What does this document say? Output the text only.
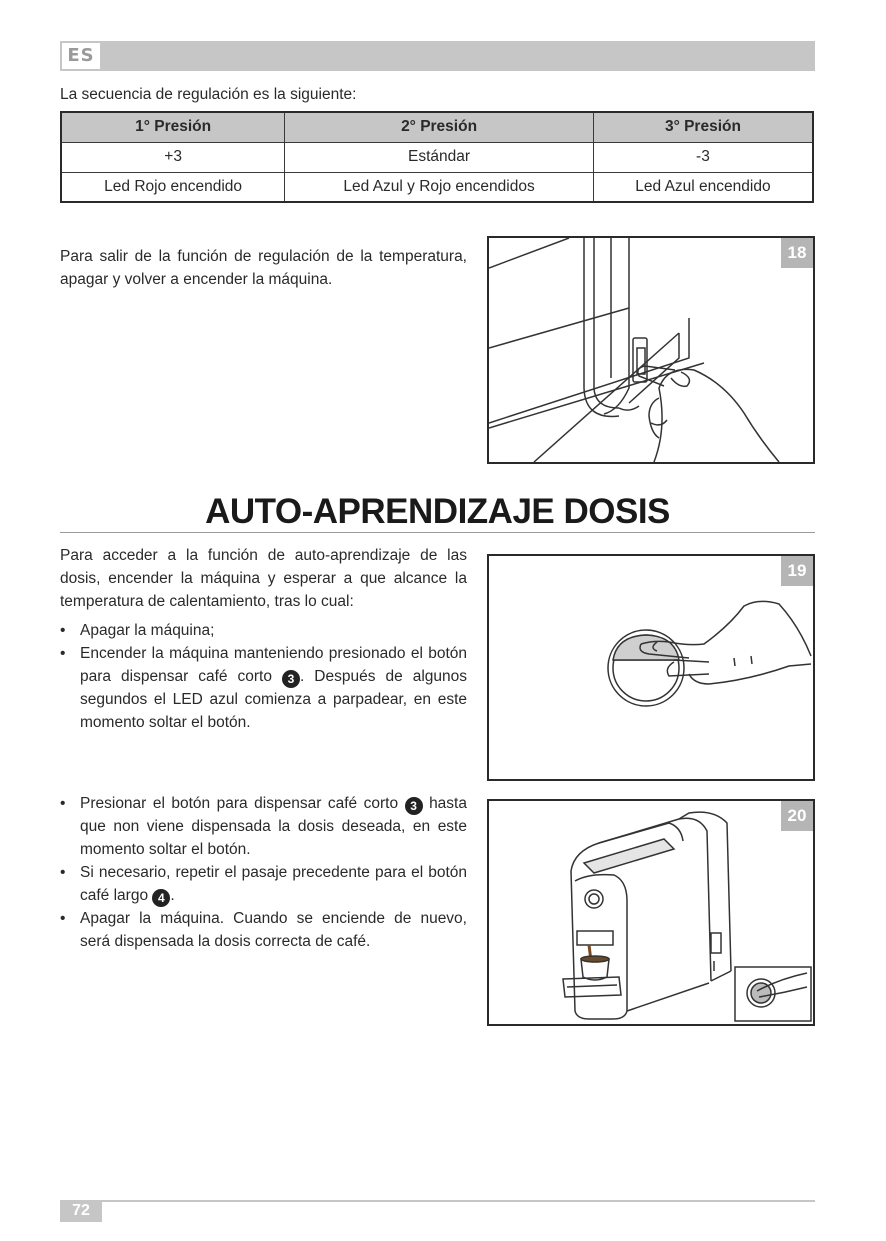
ES
La secuencia de regulación es la siguiente:
1° Presión	2° Presión	3° Presión
+3	Estándar	-3
Led Rojo encendido	Led Azul y Rojo encendidos	Led Azul encendido
Para salir de la función de regulación de la temperatura, apagar y volver a encender la máquina.
18
AUTO-APRENDIZAJE DOSIS
Para acceder a la función de auto-aprendizaje de las dosis, encender la máquina y esperar a que alcance la temperatura de calentamiento, tras lo cual:
• Apagar la máquina;
• Encender la máquina manteniendo presionado el botón para dispensar café corto 3 . Después de algunos segundos el LED azul comienza a parpadear, en este momento soltar el botón.
19
• Presionar el botón para dispensar café corto 3 hasta que non viene dispensada la dosis deseada, en este momento soltar el botón.
• Si necesario, repetir el pasaje precedente para el botón café largo 4 .
• Apagar la máquina. Cuando se enciende de nuevo, será dispensada la dosis correcta de café.
20
72
